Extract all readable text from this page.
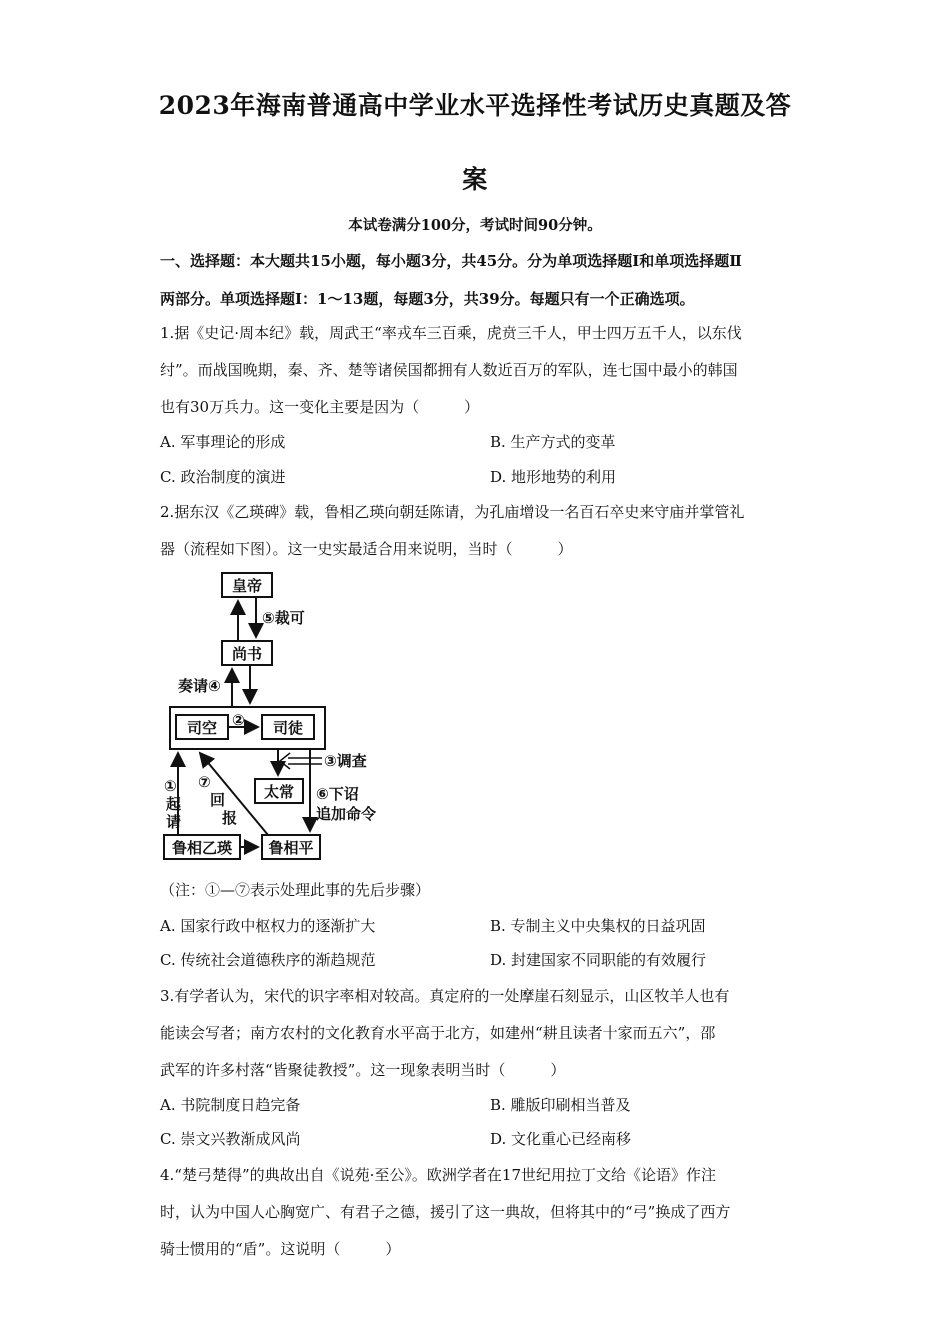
2023年海南普通高中学业水平选择性考试历史真题及答
案
本试卷满分100分，考试时间90分钟。
一、选择题：本大题共15小题，每小题3分，共45分。分为单项选择题Ⅰ和单项选择题Ⅱ
两部分。单项选择题Ⅰ：1～13题，每题3分，共39分。每题只有一个正确选项。
1.据《史记·周本纪》载，周武王“率戎车三百乘，虎贲三千人，甲士四万五千人，以东伐
纣”。而战国晚期，秦、齐、楚等诸侯国都拥有人数近百万的军队，连七国中最小的韩国
也有30万兵力。这一变化主要是因为（　　　）
A. 军事理论的形成	B. 生产方式的变革
C. 政治制度的演进	D. 地形地势的利用
2.据东汉《乙瑛碑》载，鲁相乙瑛向朝廷陈请，为孔庙增设一名百石卒史来守庙并掌管礼
器（流程如下图）。这一史实最适合用来说明，当时（　　　）
皇帝
尚书
司空	司徒
太常
鲁相乙瑛 鲁相平
⑤裁可
奏请④
②
③调查
①
起
请
⑦
回
报
⑥下诏
追加命令
（注：①—⑦表示处理此事的先后步骤）
A. 国家行政中枢权力的逐渐扩大	B. 专制主义中央集权的日益巩固
C. 传统社会道德秩序的渐趋规范	D. 封建国家不同职能的有效履行
3.有学者认为，宋代的识字率相对较高。真定府的一处摩崖石刻显示，山区牧羊人也有
能读会写者；南方农村的文化教育水平高于北方，如建州“耕且读者十家而五六”，邵
武军的许多村落“皆聚徒教授”。这一现象表明当时（　　　）
A. 书院制度日趋完备	B. 雕版印刷相当普及
C. 崇文兴教渐成风尚	D. 文化重心已经南移
4.“楚弓楚得”的典故出自《说苑·至公》。欧洲学者在17世纪用拉丁文给《论语》作注
时，认为中国人心胸宽广、有君子之德，援引了这一典故，但将其中的“弓”换成了西方
骑士惯用的“盾”。这说明（　　　）
